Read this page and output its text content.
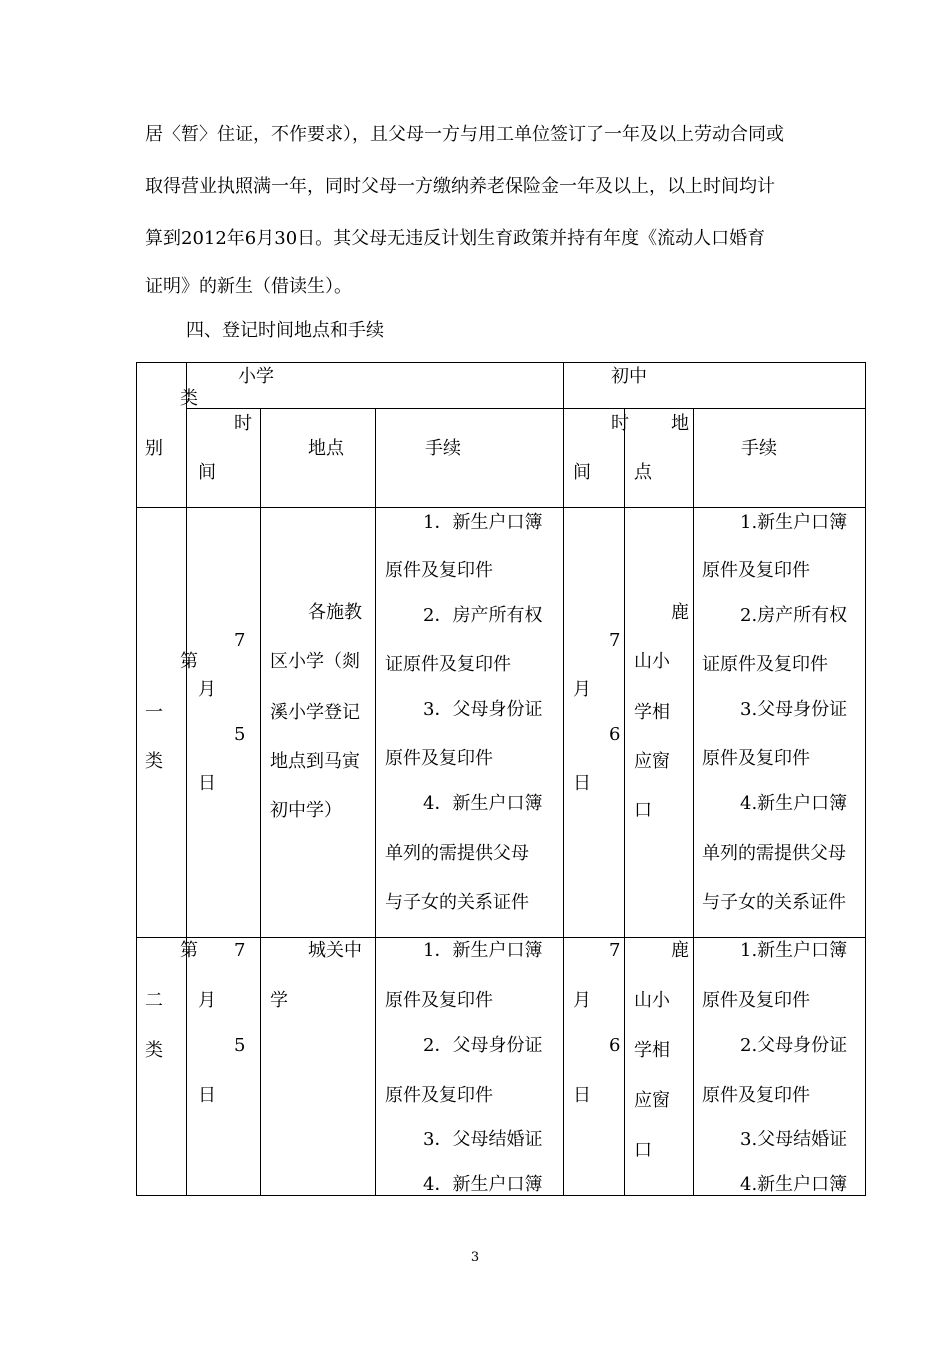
居〈暂〉住证，不作要求），且父母一方与用工单位签订了一年及以上劳动合同或
取得营业执照满一年，同时父母一方缴纳养老保险金一年及以上，以上时间均计
算到2012年6月30日。其父母无违反计划生育政策并持有年度《流动人口婚育
证明》的新生（借读生）。
四、登记时间地点和手续
小学	初中
类
别
时
间
地点	手续
时
间
地
点
手续
一
类
第
7
月
5
日
各施教
区小学（剡
溪小学登记
地点到马寅
初中学）
1．新生户口簿
原件及复印件
2．房产所有权
证原件及复印件
3．父母身份证
原件及复印件
4．新生户口簿
单列的需提供父母
与子女的关系证件
7
月
6
日
鹿
山小
学相
应窗
口
1.新生户口簿
原件及复印件
2.房产所有权
证原件及复印件
3.父母身份证
原件及复印件
4.新生户口簿
单列的需提供父母
与子女的关系证件
二
类
第 7
月
5
日
城关中
学
1．新生户口簿
原件及复印件
2．父母身份证
原件及复印件
3．父母结婚证
4．新生户口簿
7
月
6
日
鹿
山小
学相
应窗
口
1.新生户口簿
原件及复印件
2.父母身份证
原件及复印件
3.父母结婚证
4.新生户口簿
3
